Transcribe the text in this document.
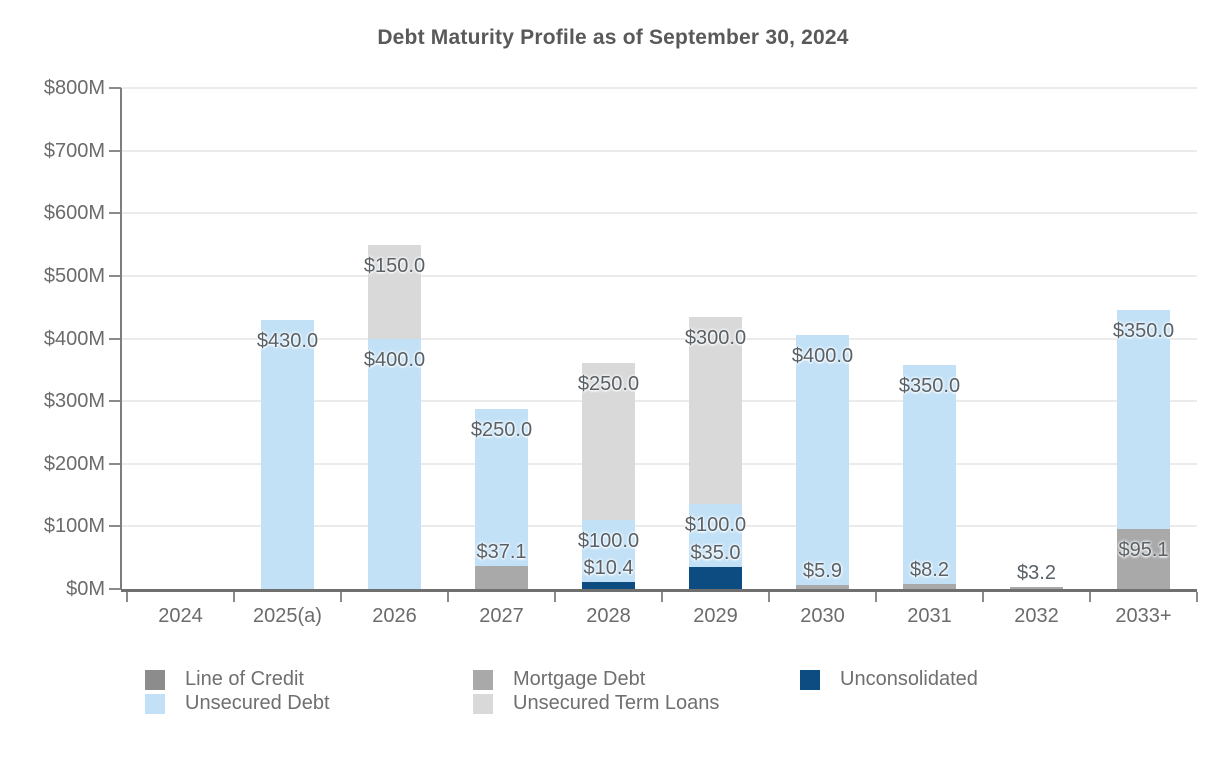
Debt Maturity Profile as of September 30, 2024
$0M
$100M
$200M
$300M
$400M
$500M
$600M
$700M
$800M
2024	2025(a)	2026	2027	2028	2029	2030	2031	2032	2033+
$430.0
$400.0
$150.0
$37.1
$250.0
$10.4
$100.0
$250.0
$35.0
$100.0
$300.0
$5.9
$400.0
$8.2
$350.0
$3.2
$95.1
$350.0
Line of Credit	Mortgage Debt	Unconsolidated
Unsecured Debt	Unsecured Term Loans
